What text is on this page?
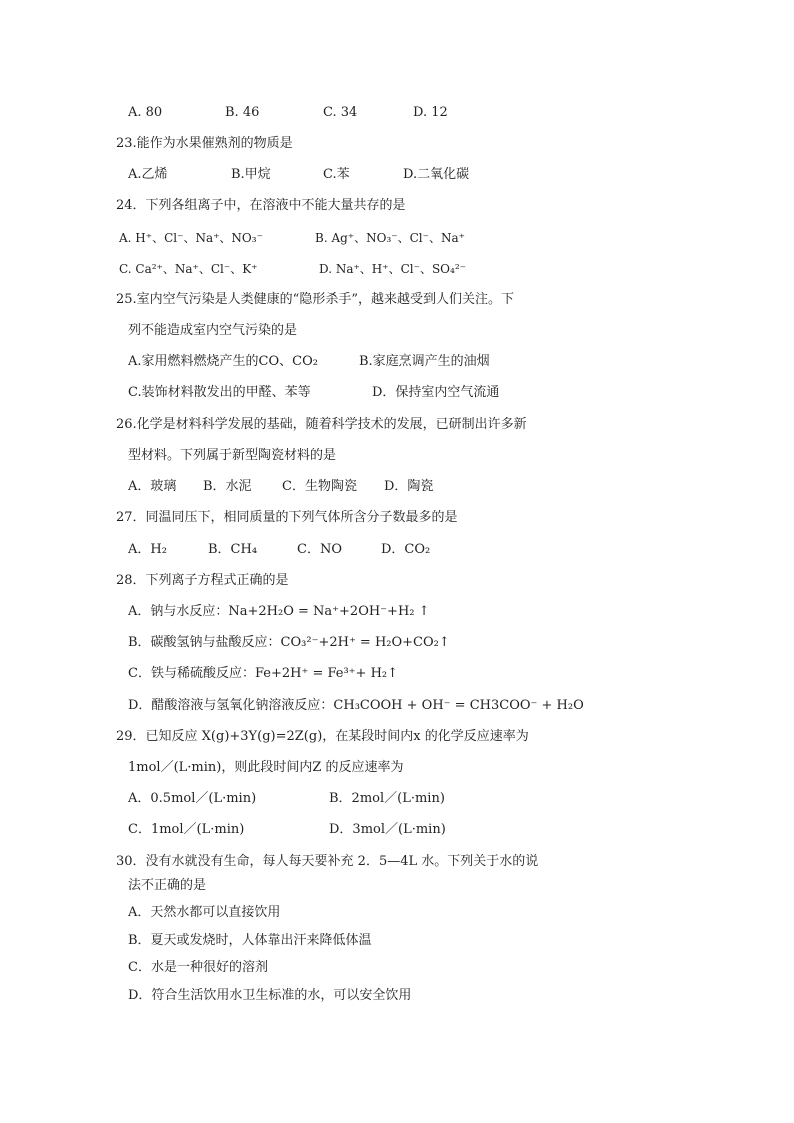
A. 80	B. 46	C. 34	D. 12
23.能作为水果催熟剂的物质是
A.乙烯	B.甲烷	C.苯	D.二氧化碳
24．下列各组离子中，在溶液中不能大量共存的是
A. H⁺、Cl⁻、Na⁺、NO₃⁻	B. Ag⁺、NO₃⁻、Cl⁻、Na⁺
C. Ca²⁺、Na⁺、Cl⁻、K⁺	D. Na⁺、H⁺、Cl⁻、SO₄²⁻
25.室内空气污染是人类健康的“隐形杀手”，越来越受到人们关注。下
列不能造成室内空气污染的是
A.家用燃料燃烧产生的CO、CO₂	B.家庭烹调产生的油烟
C.装饰材料散发出的甲醛、苯等	D．保持室内空气流通
26.化学是材料科学发展的基础，随着科学技术的发展，已研制出许多新
型材料。下列属于新型陶瓷材料的是
A．玻璃 B．水泥 C．生物陶瓷 D．陶瓷
27．同温同压下，相同质量的下列气体所含分子数最多的是
A．H₂	B．CH₄	C．NO	D．CO₂
28．下列离子方程式正确的是
A．钠与水反应：Na+2H₂O = Na⁺+2OH⁻+H₂ ↑
B．碳酸氢钠与盐酸反应：CO₃²⁻+2H⁺ = H₂O+CO₂↑
C．铁与稀硫酸反应：Fe+2H⁺ = Fe³⁺+ H₂↑
D．醋酸溶液与氢氧化钠溶液反应：CH₃COOH + OH⁻ = CH3COO⁻ + H₂O
29．已知反应 X(g)+3Y(g)=2Z(g)，在某段时间内x 的化学反应速率为
1mol／(L·min)，则此段时间内Z 的反应速率为
A．0.5mol／(L·min)	B．2mol／(L·min)
C．1mol／(L·min)	D．3mol／(L·min)
30．没有水就没有生命，每人每天要补充 2．5—4L 水。下列关于水的说
法不正确的是
A．天然水都可以直接饮用
B．夏天或发烧时，人体靠出汗来降低体温
C．水是一种很好的溶剂
D．符合生活饮用水卫生标准的水，可以安全饮用
